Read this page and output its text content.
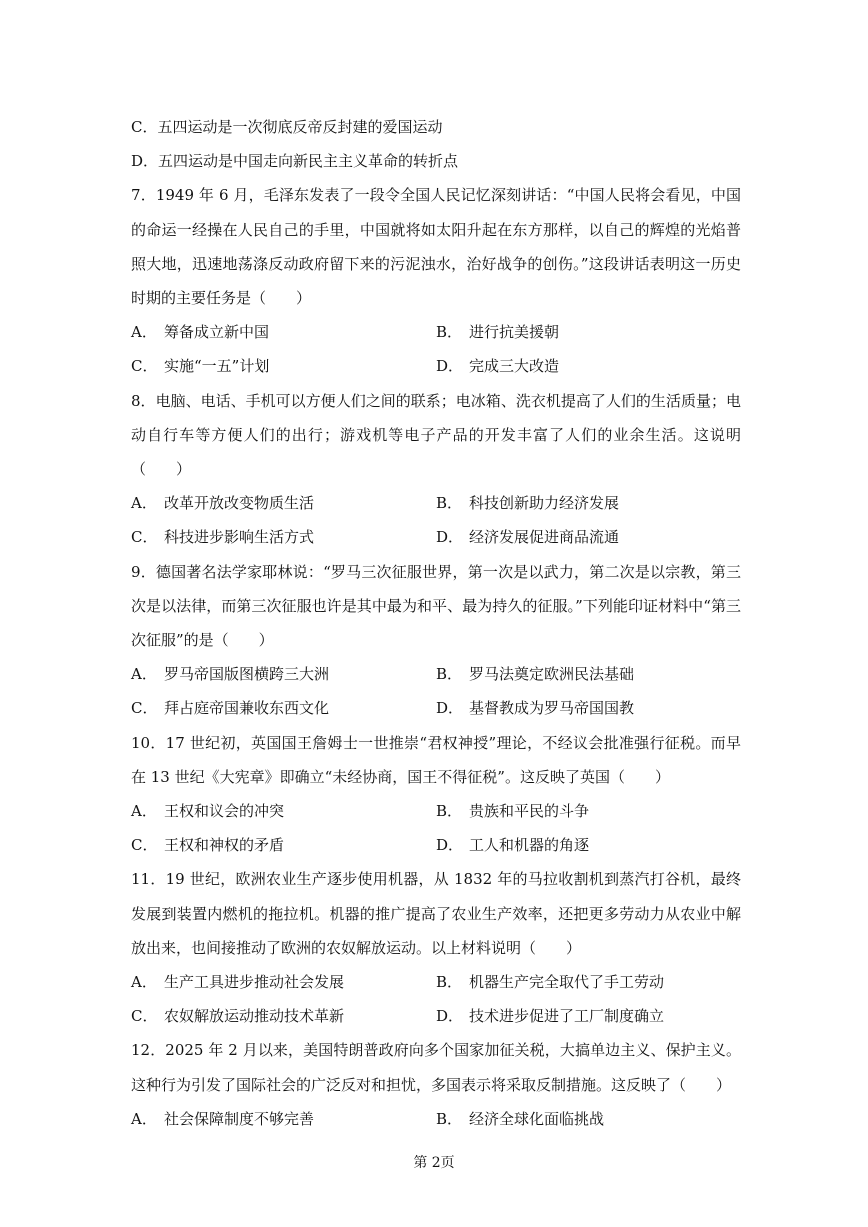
C．五四运动是一次彻底反帝反封建的爱国运动
D．五四运动是中国走向新民主主义革命的转折点
7．1949 年 6 月，毛泽东发表了一段令全国人民记忆深刻讲话：“中国人民将会看见，中国的命运一经操在人民自己的手里，中国就将如太阳升起在东方那样，以自己的辉煌的光焰普照大地，迅速地荡涤反动政府留下来的污泥浊水，治好战争的创伤。”这段讲话表明这一历史时期的主要任务是（　　）
A． 筹备成立新中国	B． 进行抗美援朝
C． 实施“一五”计划	D． 完成三大改造
8．电脑、电话、手机可以方便人们之间的联系；电冰箱、洗衣机提高了人们的生活质量；电动自行车等方便人们的出行；游戏机等电子产品的开发丰富了人们的业余生活。这说明（　　）
A． 改革开放改变物质生活	B． 科技创新助力经济发展
C． 科技进步影响生活方式	D． 经济发展促进商品流通
9．德国著名法学家耶林说：“罗马三次征服世界，第一次是以武力，第二次是以宗教，第三次是以法律，而第三次征服也许是其中最为和平、最为持久的征服。”下列能印证材料中“第三次征服”的是（　　）
A． 罗马帝国版图横跨三大洲	B． 罗马法奠定欧洲民法基础
C． 拜占庭帝国兼收东西文化	D． 基督教成为罗马帝国国教
10．17 世纪初，英国国王詹姆士一世推崇“君权神授”理论，不经议会批准强行征税。而早在 13 世纪《大宪章》即确立“未经协商，国王不得征税”。这反映了英国（　　）
A． 王权和议会的冲突	B． 贵族和平民的斗争
C． 王权和神权的矛盾	D． 工人和机器的角逐
11．19 世纪，欧洲农业生产逐步使用机器，从 1832 年的马拉收割机到蒸汽打谷机，最终发展到装置内燃机的拖拉机。机器的推广提高了农业生产效率，还把更多劳动力从农业中解放出来，也间接推动了欧洲的农奴解放运动。以上材料说明（　　）
A． 生产工具进步推动社会发展	B． 机器生产完全取代了手工劳动
C． 农奴解放运动推动技术革新	D． 技术进步促进了工厂制度确立
12．2025 年 2 月以来，美国特朗普政府向多个国家加征关税，大搞单边主义、保护主义。这种行为引发了国际社会的广泛反对和担忧，多国表示将采取反制措施。这反映了（　　）
A． 社会保障制度不够完善	B． 经济全球化面临挑战
第 2页
